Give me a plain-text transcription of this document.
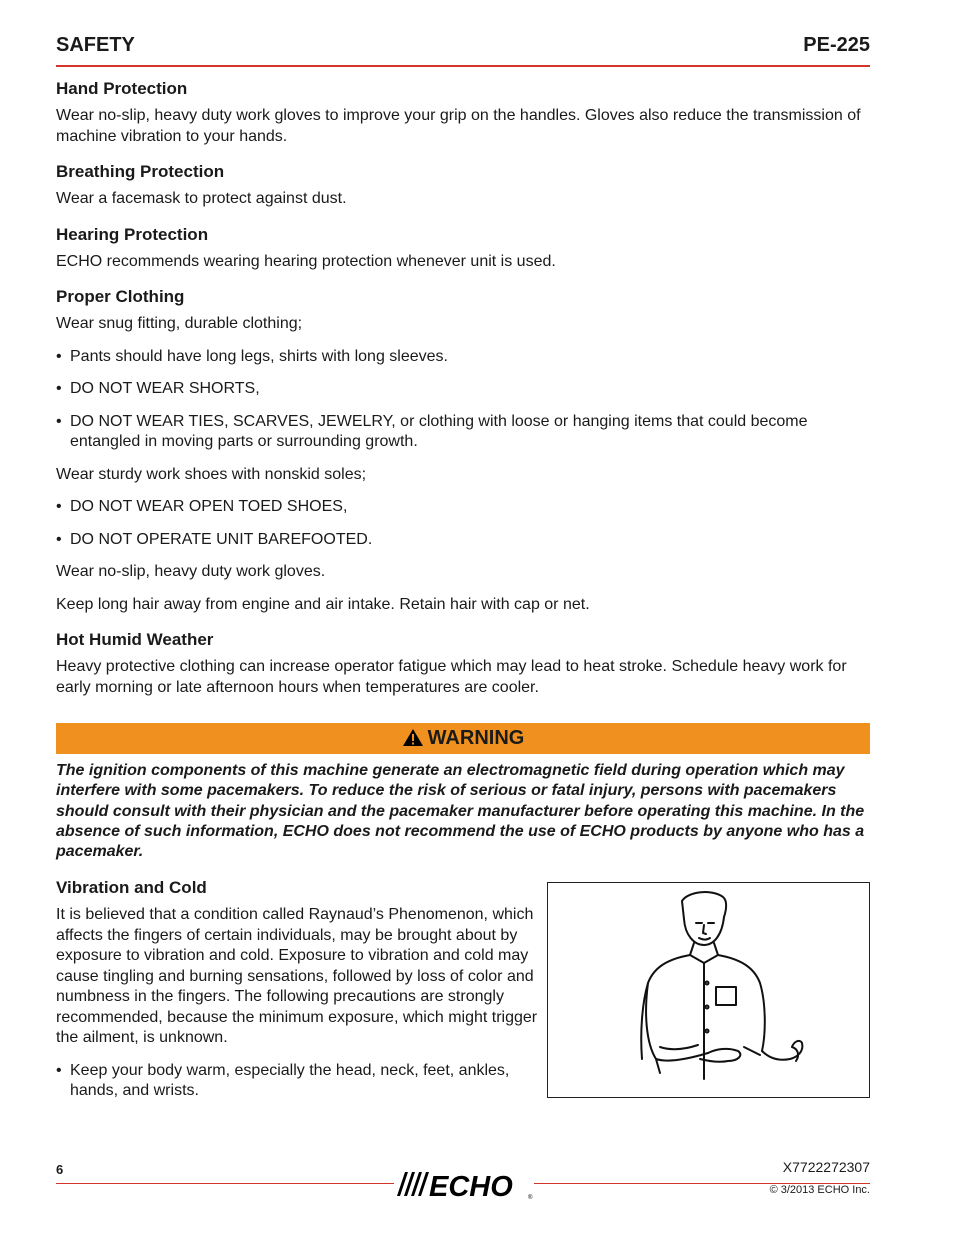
SAFETY	PE-225
Hand Protection

Wear no-slip, heavy duty work gloves to improve your grip on the handles. Gloves also reduce the transmission of machine vibration to your hands.

Breathing Protection

Wear a facemask to protect against dust.

Hearing Protection

ECHO recommends wearing hearing protection whenever unit is used.

Proper Clothing

Wear snug fitting, durable clothing;

• Pants should have long legs, shirts with long sleeves.
• DO NOT WEAR SHORTS,
• DO NOT WEAR TIES, SCARVES, JEWELRY, or clothing with loose or hanging items that could become entangled in moving parts or surrounding growth.

Wear sturdy work shoes with nonskid soles;

• DO NOT WEAR OPEN TOED SHOES,
• DO NOT OPERATE UNIT BAREFOOTED.

Wear no-slip, heavy duty work gloves.

Keep long hair away from engine and air intake. Retain hair with cap or net.

Hot Humid Weather

Heavy protective clothing can increase operator fatigue which may lead to heat stroke. Schedule heavy work for early morning or late afternoon hours when temperatures are cooler.

WARNING

The ignition components of this machine generate an electromagnetic field during operation which may interfere with some pacemakers. To reduce the risk of serious or fatal injury, persons with pacemakers should consult with their physician and the pacemaker manufacturer before operating this machine. In the absence of such information, ECHO does not recommend the use of ECHO products by anyone who has a pacemaker.

Vibration and Cold

It is believed that a condition called Raynaud’s Phenomenon, which affects the fingers of certain individuals, may be brought about by exposure to vibration and cold. Exposure to vibration and cold may cause tingling and burning sensations, followed by loss of color and numbness in the fingers. The following precautions are strongly recommended, because the minimum exposure, which might trigger the ailment, is unknown.

• Keep your body warm, especially the head, neck, feet, ankles, hands, and wrists.
6	X7722272307
© 3/2013 ECHO Inc.
ECHO	®
